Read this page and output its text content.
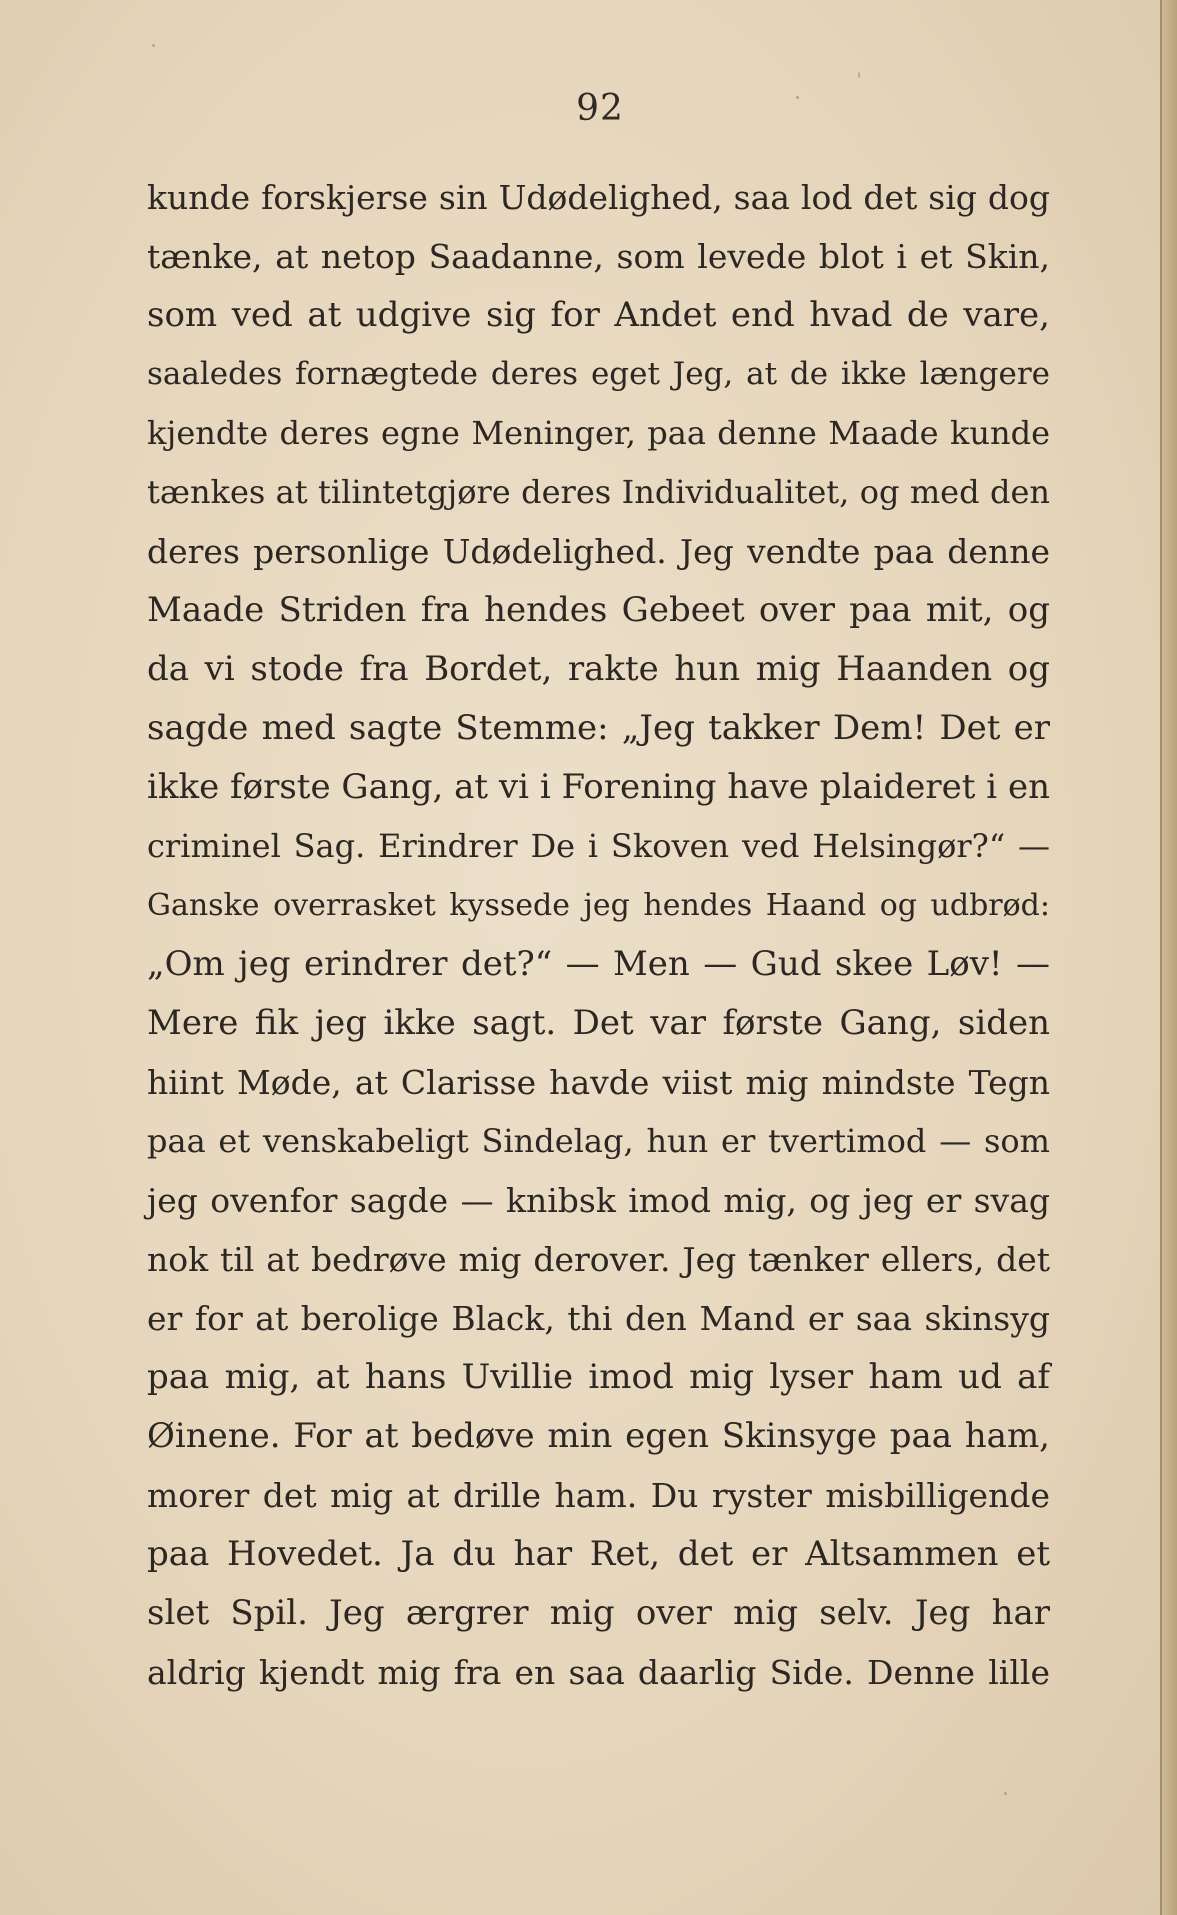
92
kunde forskjerse sin Udødelighed, saa lod det sig dog
tænke, at netop Saadanne, som levede blot i et Skin,
som ved at udgive sig for Andet end hvad de vare,
saaledes fornægtede deres eget Jeg, at de ikke længere
kjendte deres egne Meninger, paa denne Maade kunde
tænkes at tilintetgjøre deres Individualitet, og med den
deres personlige Udødelighed. Jeg vendte paa denne
Maade Striden fra hendes Gebeet over paa mit, og
da vi stode fra Bordet, rakte hun mig Haanden og
sagde med sagte Stemme: „Jeg takker Dem! Det er
ikke første Gang, at vi i Forening have plaideret i en
criminel Sag. Erindrer De i Skoven ved Helsingør?“ —
Ganske overrasket kyssede jeg hendes Haand og udbrød:
„Om jeg erindrer det?“ — Men — Gud skee Løv! —
Mere fik jeg ikke sagt. Det var første Gang, siden
hiint Møde, at Clarisse havde viist mig mindste Tegn
paa et venskabeligt Sindelag, hun er tvertimod — som
jeg ovenfor sagde — knibsk imod mig, og jeg er svag
nok til at bedrøve mig derover. Jeg tænker ellers, det
er for at berolige Black, thi den Mand er saa skinsyg
paa mig, at hans Uvillie imod mig lyser ham ud af
Øinene. For at bedøve min egen Skinsyge paa ham,
morer det mig at drille ham. Du ryster misbilligende
paa Hovedet. Ja du har Ret, det er Altsammen et
slet Spil. Jeg ærgrer mig over mig selv. Jeg har
aldrig kjendt mig fra en saa daarlig Side. Denne lille
